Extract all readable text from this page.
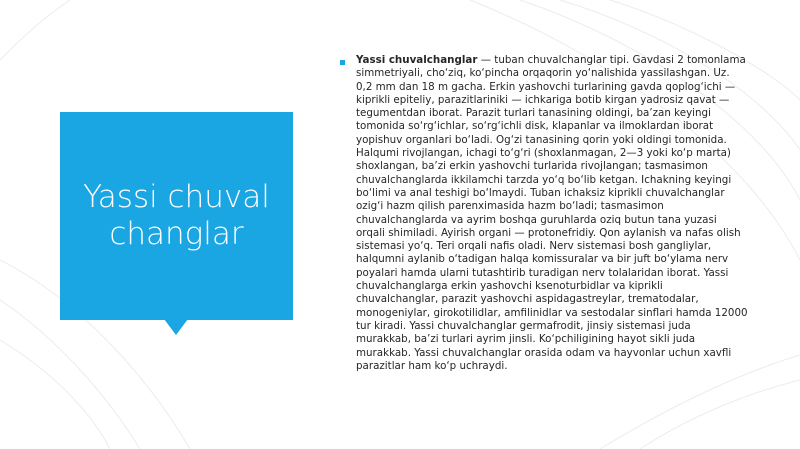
Yassi chuvalchanglar

Yassi chuvalchanglar — tuban chuvalchanglar tipi. Gavdasi 2 tomonlama simmetriyali, cho‘ziq, ko‘pincha orqaqorin yo‘nalishida yassilashgan. Uz. 0,2 mm dan 18 m gacha. Erkin yashovchi turlarining gavda qoplog‘ichi — kiprikli epiteliy, parazitlariniki — ichkariga botib kirgan yadrosiz qavat — tegumentdan iborat. Parazit turlari tanasining oldingi, ba’zan keyingi tomonida so‘rg‘ichlar, so‘rg‘ichli disk, klapanlar va ilmoklardan iborat yopishuv organlari bo‘ladi. Og‘zi tanasining qorin yoki oldingi tomonida. Halqumi rivojlangan, ichagi to‘g‘ri (shoxlanmagan, 2—3 yoki ko‘p marta) shoxlangan, ba’zi erkin yashovchi turlarida rivojlangan; tasmasimon chuvalchanglarda ikkilamchi tarzda yo‘q bo‘lib ketgan. Ichakning keyingi bo‘limi va anal teshigi bo‘lmaydi. Tuban ichaksiz kiprikli chuvalchanglar ozig‘i hazm qilish parenximasida hazm bo‘ladi; tasmasimon chuvalchanglarda va ayrim boshqa guruhlarda oziq butun tana yuzasi orqali shimiladi. Ayirish organi — protonefridiy. Qon aylanish va nafas olish sistemasi yo‘q. Teri orqali nafis oladi. Nerv sistemasi bosh gangliylar, halqumni aylanib o‘tadigan halqa komissuralar va bir juft bo‘ylama nerv poyalari hamda ularni tutashtirib turadigan nerv tolalaridan iborat. Yassi chuvalchanglarga erkin yashovchi ksenoturbidlar va kiprikli chuvalchanglar, parazit yashovchi aspidagastreylar, trematodalar, monogeniylar, girokotilidlar, amfilinidlar va sestodalar sinflari hamda 12000 tur kiradi. Yassi chuvalchanglar germafrodit, jinsiy sistemasi juda murakkab, ba’zi turlari ayrim jinsli. Ko‘pchiligining hayot sikli juda murakkab. Yassi chuvalchanglar orasida odam va hayvonlar uchun xavfli parazitlar ham ko‘p uchraydi.
